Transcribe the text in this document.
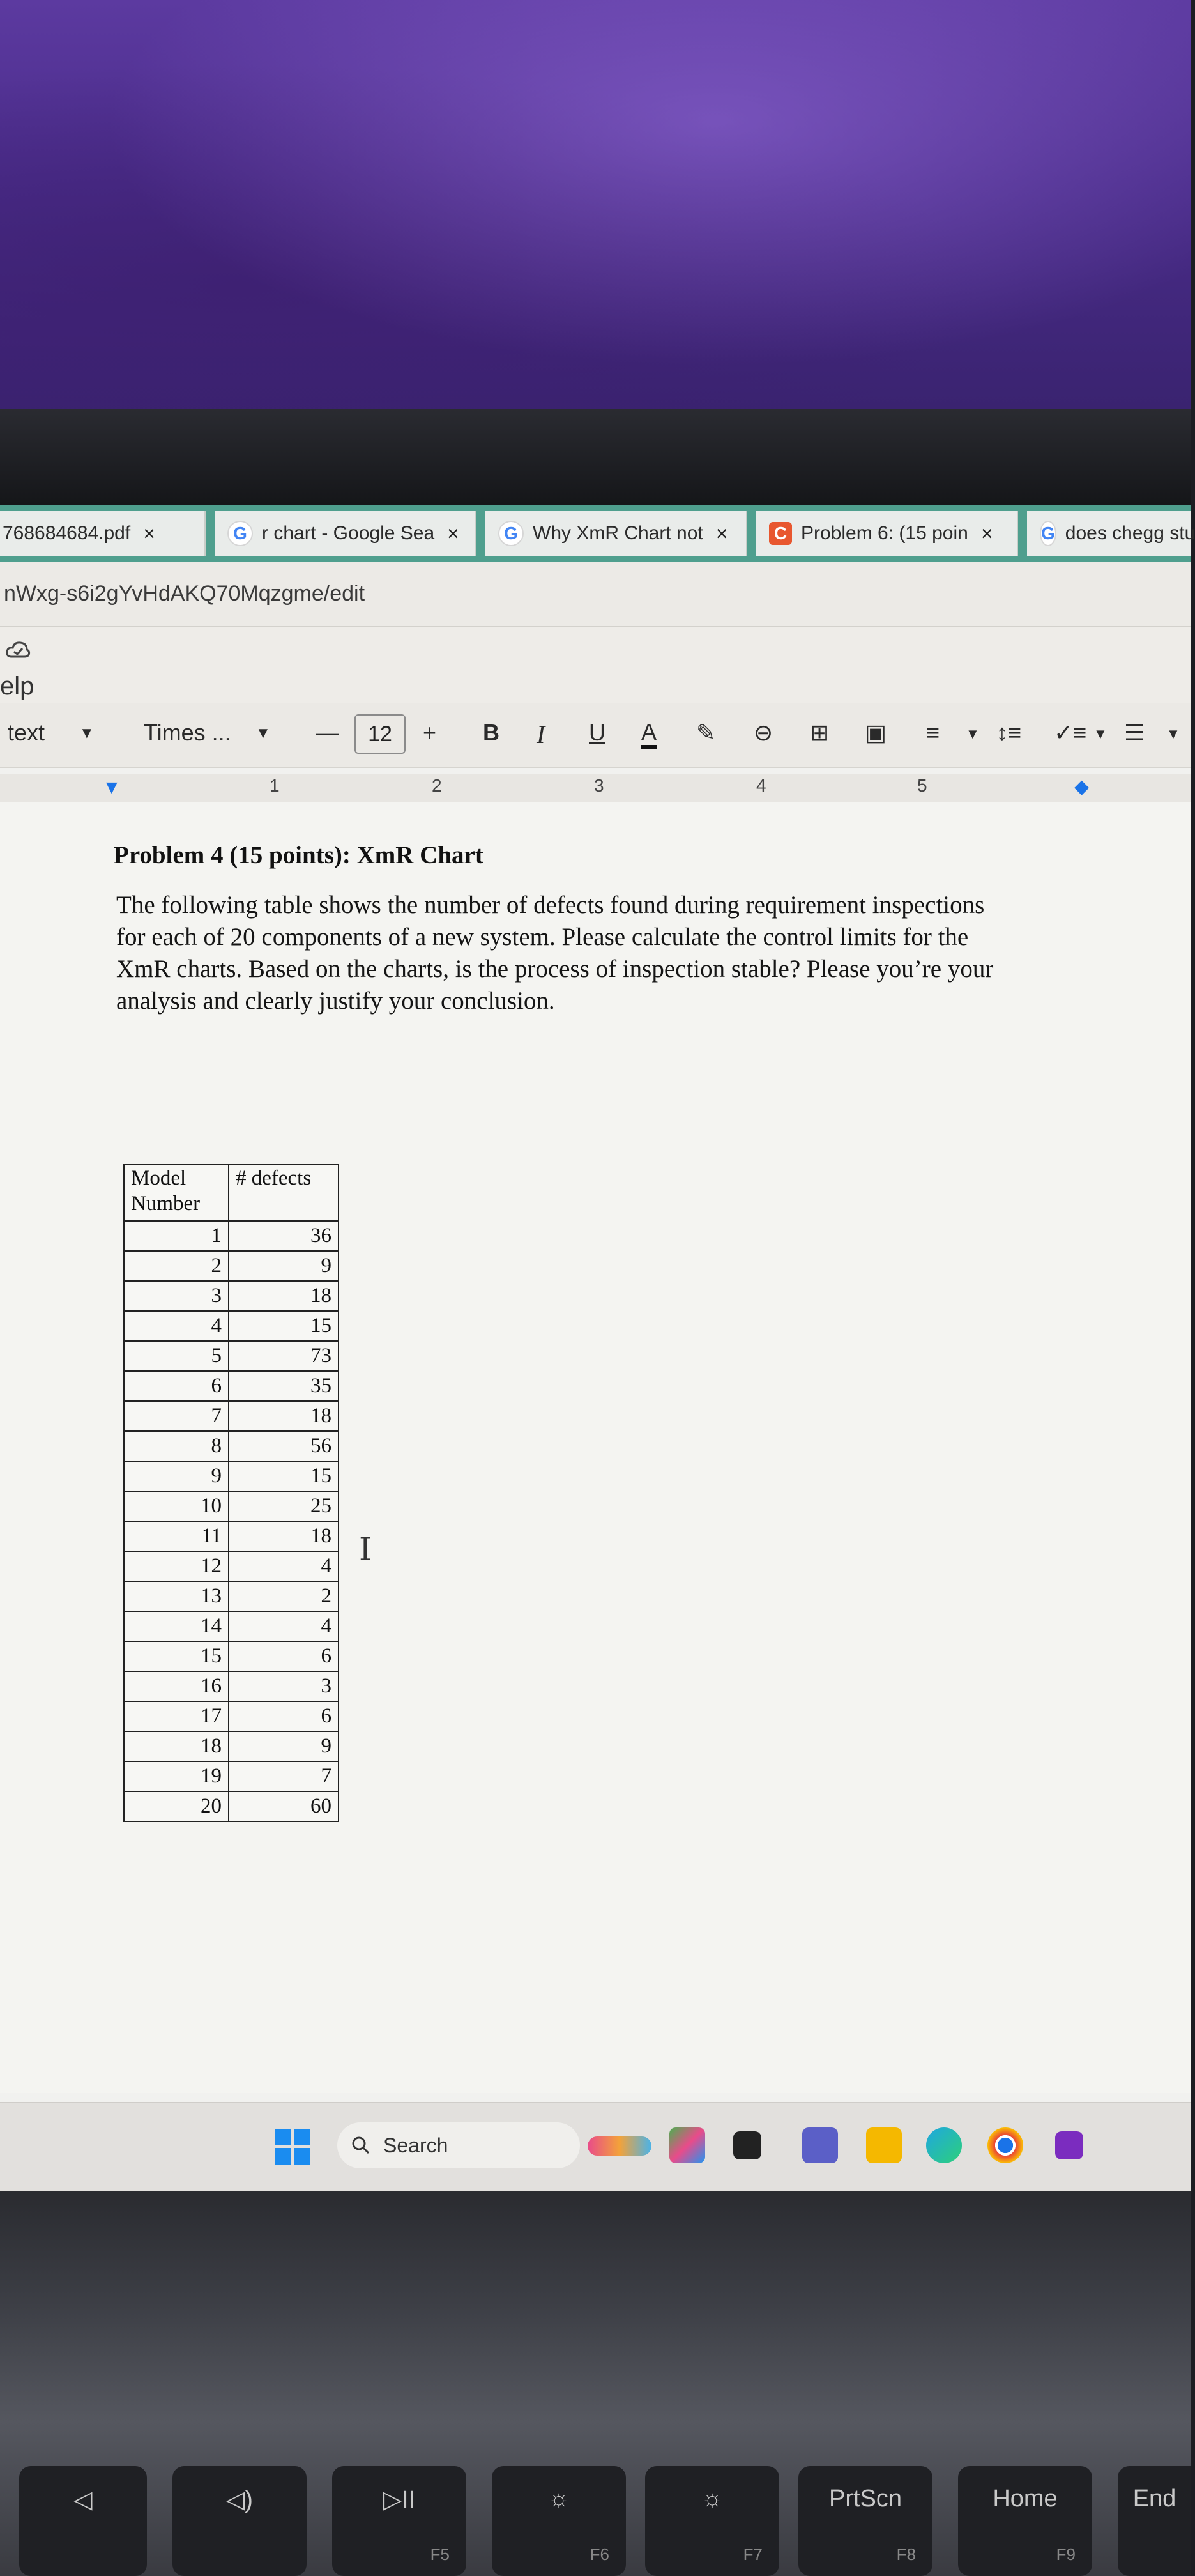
768684684.pdf ×	G r chart - Google Sea ×	G Why XmR Chart not ×	C Problem 6: (15 poin ×	G does chegg stu
nWxg-s6i2gYvHdAKQ70Mqzgme/edit
elp
text ▼ Times ... ▼ —	12	+ B I U A ✎ ⊖ ⊞ ▣ ≡ ▼ ↕≡ ✓≡ ▼ ☰ ▼
▼	1	2	3	4	5	◆
Problem 4 (15 points): XmR Chart
The following table shows the number of defects found during requirement inspections
for each of 20 components of a new system. Please calculate the control limits for the
XmR charts. Based on the charts, is the process of inspection stable? Please you’re your
analysis and clearly justify your conclusion.
Model Number	# defects
1	36
2	9
3	18
4	15
5	73
6	35
7	18
8	56
9	15
10	25
11	18
12	4
13	2
14	4
15	6
16	3
17	6
18	9
19	7
20	60
I
Search
◁	◁)	▷II
F5
☼
F6
☼
F7
PrtScn
F8
Home
F9
End
